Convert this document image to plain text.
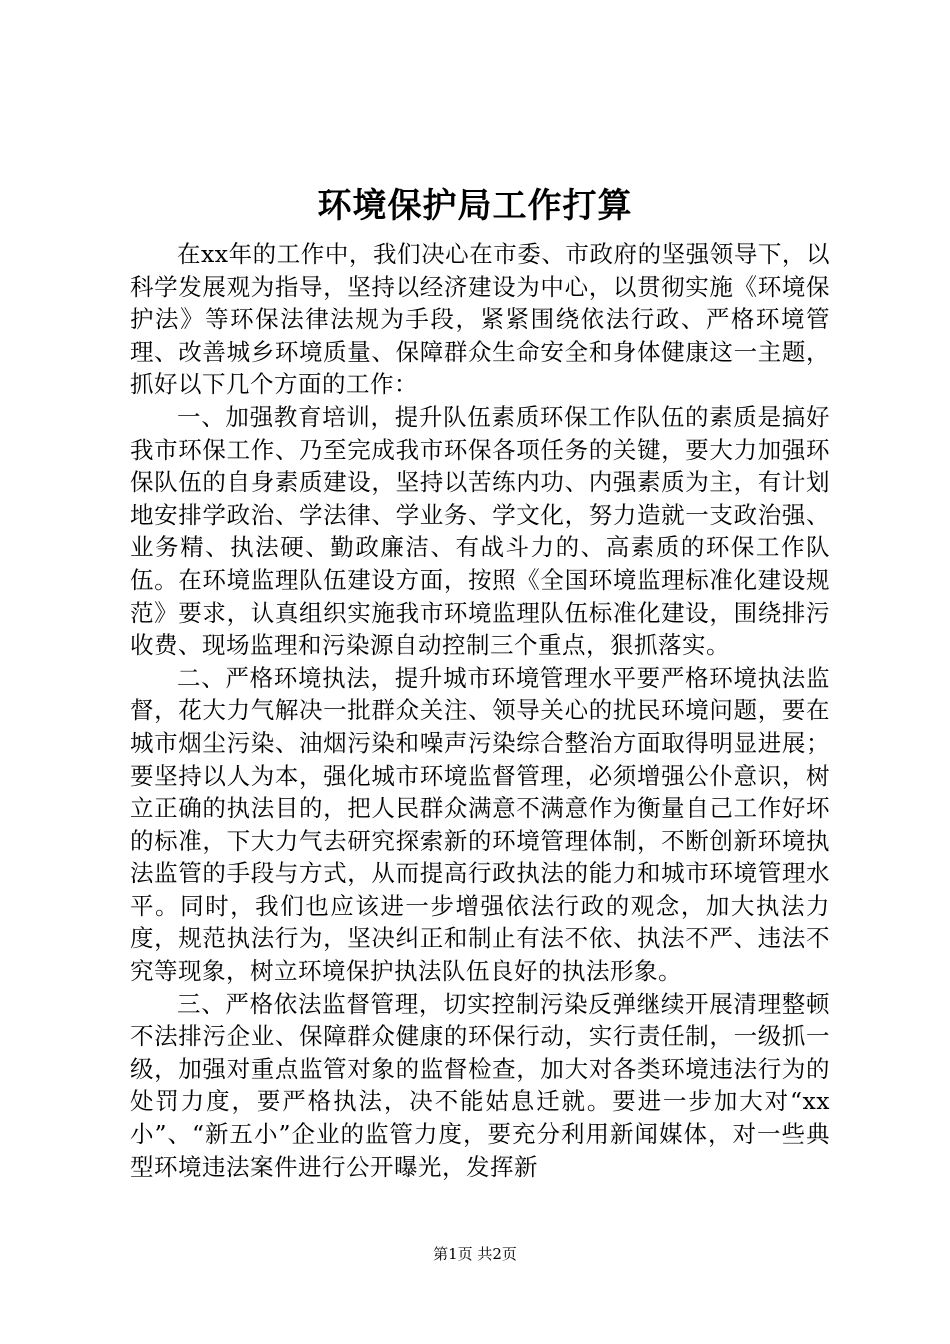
环境保护局工作打算

在xx年的工作中，我们决心在市委、市政府的坚强领导下，以科学发展观为指导，坚持以经济建设为中心，以贯彻实施《环境保护法》等环保法律法规为手段，紧紧围绕依法行政、严格环境管理、改善城乡环境质量、保障群众生命安全和身体健康这一主题，抓好以下几个方面的工作：

一、加强教育培训，提升队伍素质环保工作队伍的素质是搞好我市环保工作、乃至完成我市环保各项任务的关键，要大力加强环保队伍的自身素质建设，坚持以苦练内功、内强素质为主，有计划地安排学政治、学法律、学业务、学文化，努力造就一支政治强、业务精、执法硬、勤政廉洁、有战斗力的、高素质的环保工作队伍。在环境监理队伍建设方面，按照《全国环境监理标准化建设规范》要求，认真组织实施我市环境监理队伍标准化建设，围绕排污收费、现场监理和污染源自动控制三个重点，狠抓落实。

二、严格环境执法，提升城市环境管理水平要严格环境执法监督，花大力气解决一批群众关注、领导关心的扰民环境问题，要在城市烟尘污染、油烟污染和噪声污染综合整治方面取得明显进展；要坚持以人为本，强化城市环境监督管理，必须增强公仆意识，树立正确的执法目的，把人民群众满意不满意作为衡量自己工作好坏的标准，下大力气去研究探索新的环境管理体制，不断创新环境执法监管的手段与方式，从而提高行政执法的能力和城市环境管理水平。同时，我们也应该进一步增强依法行政的观念，加大执法力度，规范执法行为，坚决纠正和制止有法不依、执法不严、违法不究等现象，树立环境保护执法队伍良好的执法形象。

三、严格依法监督管理，切实控制污染反弹继续开展清理整顿不法排污企业、保障群众健康的环保行动，实行责任制，一级抓一级，加强对重点监管对象的监督检查，加大对各类环境违法行为的处罚力度，要严格执法，决不能姑息迁就。要进一步加大对“xx小”、“新五小”企业的监管力度，要充分利用新闻媒体，对一些典型环境违法案件进行公开曝光，发挥新

第1页 共2页
